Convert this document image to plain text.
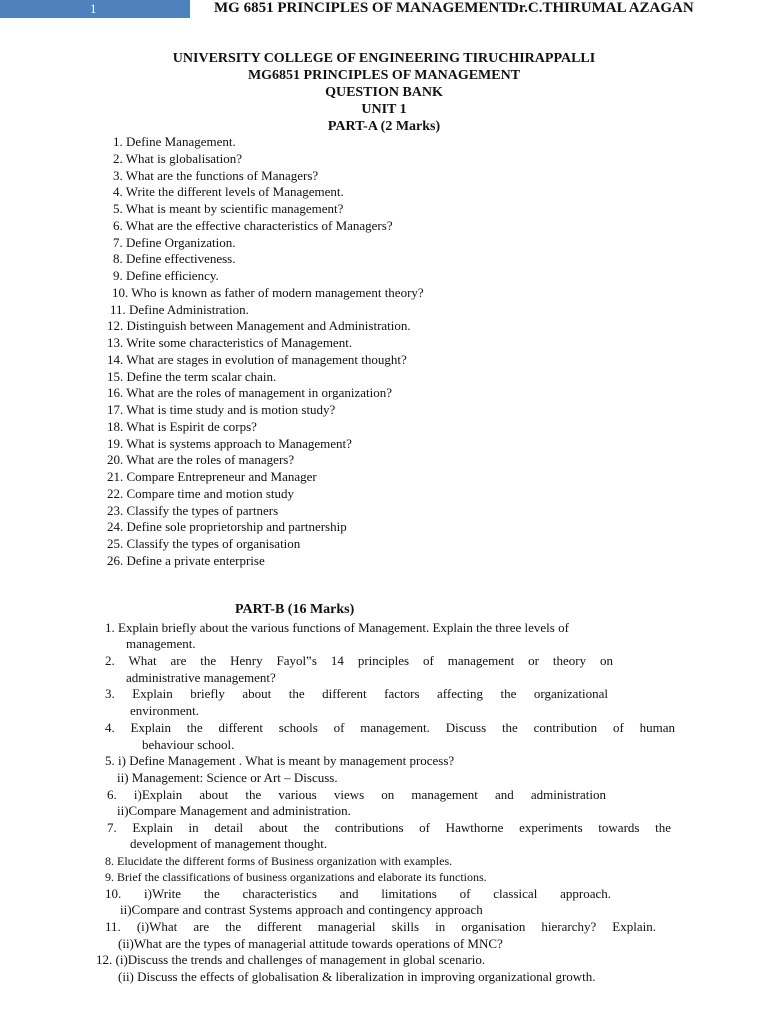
1	MG 6851 PRINCIPLES OF MANAGEMENT
Dr.C.THIRUMAL AZAGAN
UNIVERSITY COLLEGE OF ENGINEERING TIRUCHIRAPPALLI
MG6851 PRINCIPLES OF MANAGEMENT
QUESTION BANK
UNIT 1
PART-A (2 Marks)
1. Define Management.
2. What is globalisation?
3. What are the functions of Managers?
4. Write the different levels of Management.
5. What is meant by scientific management?
6. What are the effective characteristics of Managers?
7. Define Organization.
8. Define effectiveness.
9. Define efficiency.
10. Who is known as father of modern management theory?
11. Define Administration.
12. Distinguish between Management and Administration.
13. Write some characteristics of Management.
14. What are stages in evolution of management thought?
15. Define the term scalar chain.
16. What are the roles of management in organization?
17. What is time study and is motion study?
18. What is Espirit de corps?
19. What is systems approach to Management?
20. What are the roles of managers?
21. Compare Entrepreneur and Manager
22. Compare time and motion study
23. Classify the types of partners
24. Define sole proprietorship and partnership
25. Classify the types of organisation
26. Define a private enterprise
PART-B (16 Marks)
1. Explain briefly about the various functions of Management. Explain the three levels of
management.
2. What are the Henry Fayol‟s 14 principles of management or theory on
administrative management?
3. Explain briefly about the different factors affecting the organizational
environment.
4. Explain the different schools of management. Discuss the contribution of human
behaviour school.
5. i) Define Management . What is meant by management process?
ii) Management: Science or Art – Discuss.
6. i)Explain about the various views on management and administration
ii)Compare Management and administration.
7. Explain in detail about the contributions of Hawthorne experiments towards the
development of management thought.
8. Elucidate the different forms of Business organization with examples.
9. Brief the classifications of business organizations and elaborate its functions.
10. i)Write the characteristics and limitations of classical approach.
ii)Compare and contrast Systems approach and contingency approach
11. (i)What are the different managerial skills in organisation hierarchy? Explain.
(ii)What are the types of managerial attitude towards operations of MNC?
12. (i)Discuss the trends and challenges of management in global scenario.
(ii) Discuss the effects of globalisation & liberalization in improving organizational growth.
